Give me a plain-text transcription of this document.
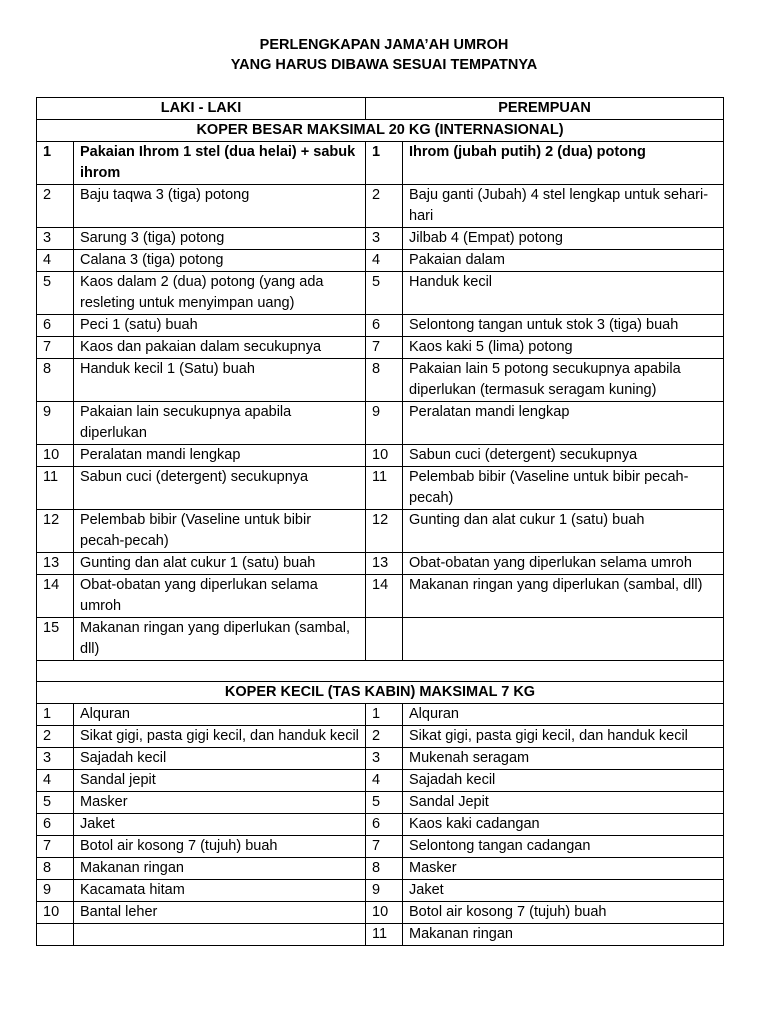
PERLENGKAPAN JAMA’AH UMROH
YANG HARUS DIBAWA SESUAI TEMPATNYA
LAKI - LAKI		PEREMPUAN	
KOPER BESAR MAKSIMAL 20 KG (INTERNASIONAL)			
1	Pakaian Ihrom 1 stel (dua helai) + sabuk ihrom	1	Ihrom (jubah putih) 2 (dua) potong
2	Baju taqwa 3 (tiga) potong	2	Baju ganti (Jubah) 4 stel lengkap untuk sehari-hari
3	Sarung 3 (tiga) potong	3	Jilbab 4 (Empat) potong
4	Calana 3 (tiga) potong	4	Pakaian dalam
5	Kaos dalam 2 (dua) potong (yang ada resleting untuk menyimpan uang)	5	Handuk kecil
6	Peci 1 (satu) buah	6	Selontong tangan untuk stok 3 (tiga) buah
7	Kaos dan pakaian dalam secukupnya	7	Kaos kaki 5 (lima) potong
8	Handuk kecil 1 (Satu) buah	8	Pakaian lain 5 potong secukupnya apabila diperlukan (termasuk seragam kuning)
9	Pakaian lain secukupnya apabila diperlukan	9	Peralatan mandi lengkap
10	Peralatan mandi lengkap	10	Sabun cuci (detergent) secukupnya
11	Sabun cuci (detergent) secukupnya	11	Pelembab bibir (Vaseline untuk bibir pecah-pecah)
12	Pelembab bibir (Vaseline untuk bibir pecah-pecah)	12	Gunting dan alat cukur 1 (satu) buah
13	Gunting dan alat cukur 1 (satu) buah	13	Obat-obatan yang diperlukan selama umroh
14	Obat-obatan yang diperlukan selama umroh	14	Makanan ringan yang diperlukan (sambal, dll)
15	Makanan ringan yang diperlukan (sambal, dll)		

KOPER KECIL (TAS KABIN) MAKSIMAL 7 KG			
1	Alquran	1	Alquran
2	Sikat gigi, pasta gigi kecil, dan handuk kecil	2	Sikat gigi, pasta gigi kecil, dan handuk kecil
3	Sajadah kecil	3	Mukenah seragam
4	Sandal jepit	4	Sajadah kecil
5	Masker	5	Sandal Jepit
6	Jaket	6	Kaos kaki cadangan
7	Botol air kosong 7 (tujuh) buah	7	Selontong tangan cadangan
8	Makanan ringan	8	Masker
9	Kacamata hitam	9	Jaket
10	Bantal leher	10	Botol air kosong 7 (tujuh) buah
		11	Makanan ringan
